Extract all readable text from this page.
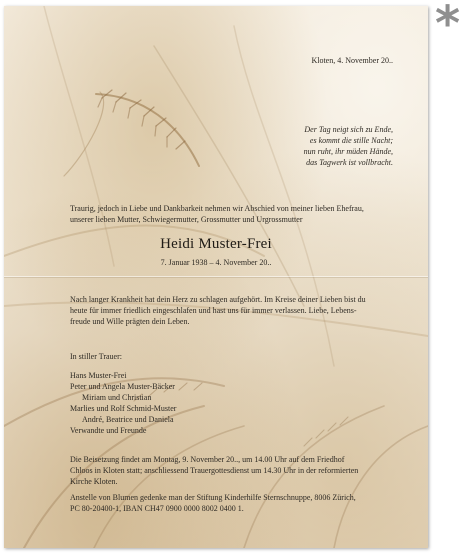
*
Kloten, 4. November 20..
Der Tag neigt sich zu Ende,
es kommt die stille Nacht;
nun ruht, ihr müden Hände,
das Tagwerk ist vollbracht.
Traurig, jedoch in Liebe und Dankbarkeit nehmen wir Abschied von meiner lieben Ehefrau,
unserer lieben Mutter, Schwiegermutter, Grossmutter und Urgrossmutter
Heidi Muster-Frei
7. Januar 1938 – 4. November 20..
Nach langer Krankheit hat dein Herz zu schlagen aufgehört. Im Kreise deiner Lieben bist du
heute für immer friedlich eingeschlafen und hast uns für immer verlassen. Liebe, Lebens-
freude und Wille prägten dein Leben.
In stiller Trauer:
Hans Muster-Frei
Peter und Angela Muster-Bäcker
Miriam und Christian
Marlies und Rolf Schmid-Muster
André, Beatrice und Daniela
Verwandte und Freunde
Die Beisetzung findet am Montag, 9. November 20.., um 14.00 Uhr auf dem Friedhof
Chloos in Kloten statt; anschliessend Trauergottesdienst um 14.30 Uhr in der reformierten
Kirche Kloten.
Anstelle von Blumen gedenke man der Stiftung Kinderhilfe Sternschnuppe, 8006 Zürich,
PC 80-20400-1, IBAN CH47 0900 0000 8002 0400 1.
